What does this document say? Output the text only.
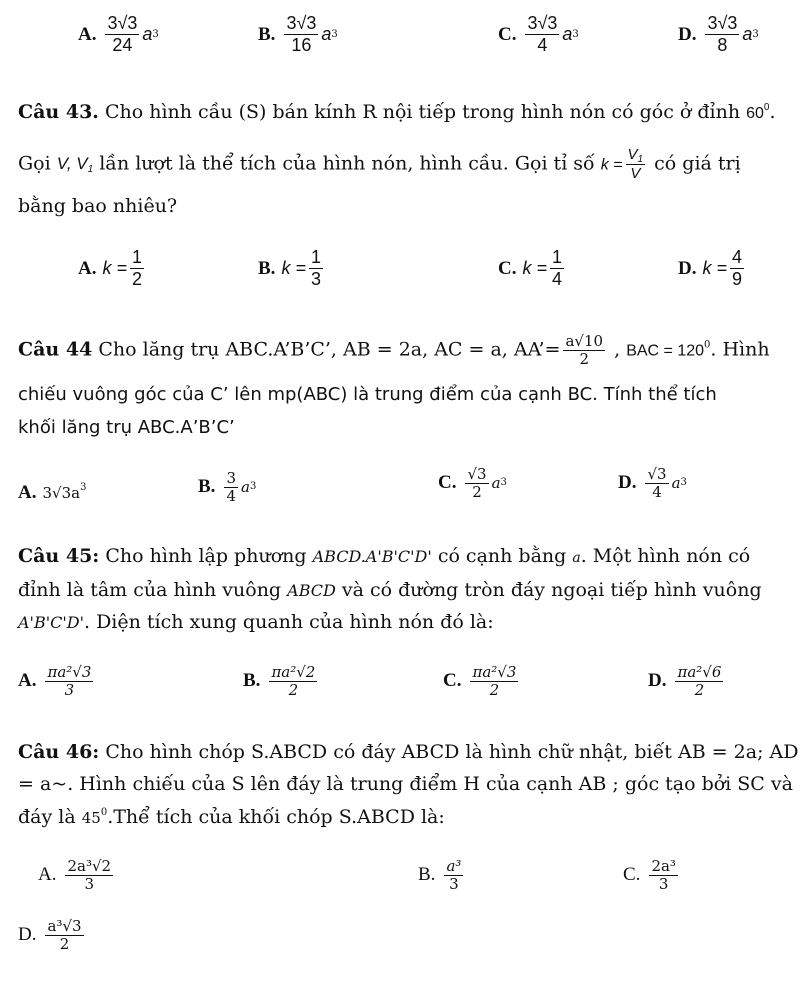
A. $\frac{3√3}{24}$ a 3	B. $\frac{3√3}{16}$ a 3	C. $\frac{3√3}{4}$ a 3	D. $\frac{3√3}{8}$ a 3
Câu 43. Cho hình cầu (S) bán kính R nội tiếp trong hình nón có góc ở đỉnh $60^0$.
Gọi V, $V_1$ lần lượt là thể tích của hình nón, hình cầu. Gọi tỉ số $k = \frac{V_1}{V}$ có giá trị
bằng bao nhiêu?
A. $k = \frac{1}{2}$	B. $k = \frac{1}{3}$	C. $k = \frac{1}{4}$	D. $k = \frac{4}{9}$
Câu 44 Cho lăng trụ ABC.A’B’C’, AB = 2a, AC = a, AA’= $\frac{a√10}{2}$ , BAC = $120^0$. Hình
chiếu vuông góc của C’ lên mp(ABC) là trung điểm của cạnh BC. Tính thể tích
khối lăng trụ ABC.A’B’C’
A. $3√3a^3$	B. $\frac{3}{4}$ a 3	C. $\frac{√3}{2}$ a 3	D. $\frac{√3}{4}$ a 3
Câu 45: Cho hình lập phương ABCD.A'B'C'D' có cạnh bằng a. Một hình nón có
đỉnh là tâm của hình vuông ABCD và có đường tròn đáy ngoại tiếp hình vuông
A'B'C'D'. Diện tích xung quanh của hình nón đó là:
A. $\frac{\text{πa²√3}}{3}$	B. $\frac{\text{πa²√2}}{2}$	C. $\frac{\text{πa²√3}}{2}$	D. $\frac{\text{πa²√6}}{2}$
Câu 46: Cho hình chóp S.ABCD có đáy ABCD là hình chữ nhật, biết AB = 2a; AD
= a~. Hình chiếu của S lên đáy là trung điểm H của cạnh AB ; góc tạo bởi SC và
đáy là $45^0.Thể$ tích của khối chóp S.ABCD là:
A. $\frac{\text{2a³√2}}{3}$	B. $\frac{\text{a³}}{3}$	C. $\frac{\text{2a³}}{3}$
D. $\frac{\text{a³√3}}{2}$
